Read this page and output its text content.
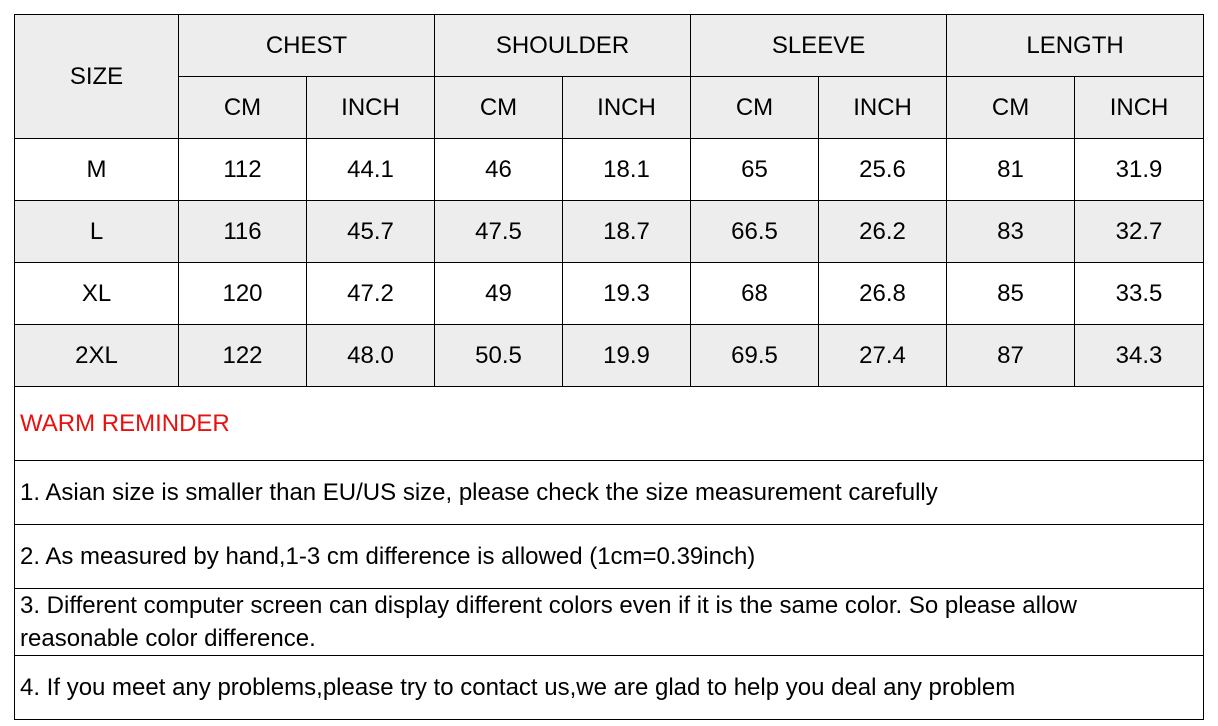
SIZE	CHEST		SHOULDER		SLEEVE		LENGTH	
	CM	INCH	CM	INCH	CM	INCH	CM	INCH
M	112	44.1	46	18.1	65	25.6	81	31.9
L	116	45.7	47.5	18.7	66.5	26.2	83	32.7
XL	120	47.2	49	19.3	68	26.8	85	33.5
2XL	122	48.0	50.5	19.9	69.5	27.4	87	34.3
WARM REMINDER								
1. Asian size is smaller than EU/US size, please check the size measurement carefully								
2. As measured by hand,1-3 cm difference is allowed (1cm=0.39inch)								
3. Different computer screen can display different colors even if it is the same color. So please allow reasonable color difference.								
4. If you meet any problems,please try to contact us,we are glad to help you deal any problem								
